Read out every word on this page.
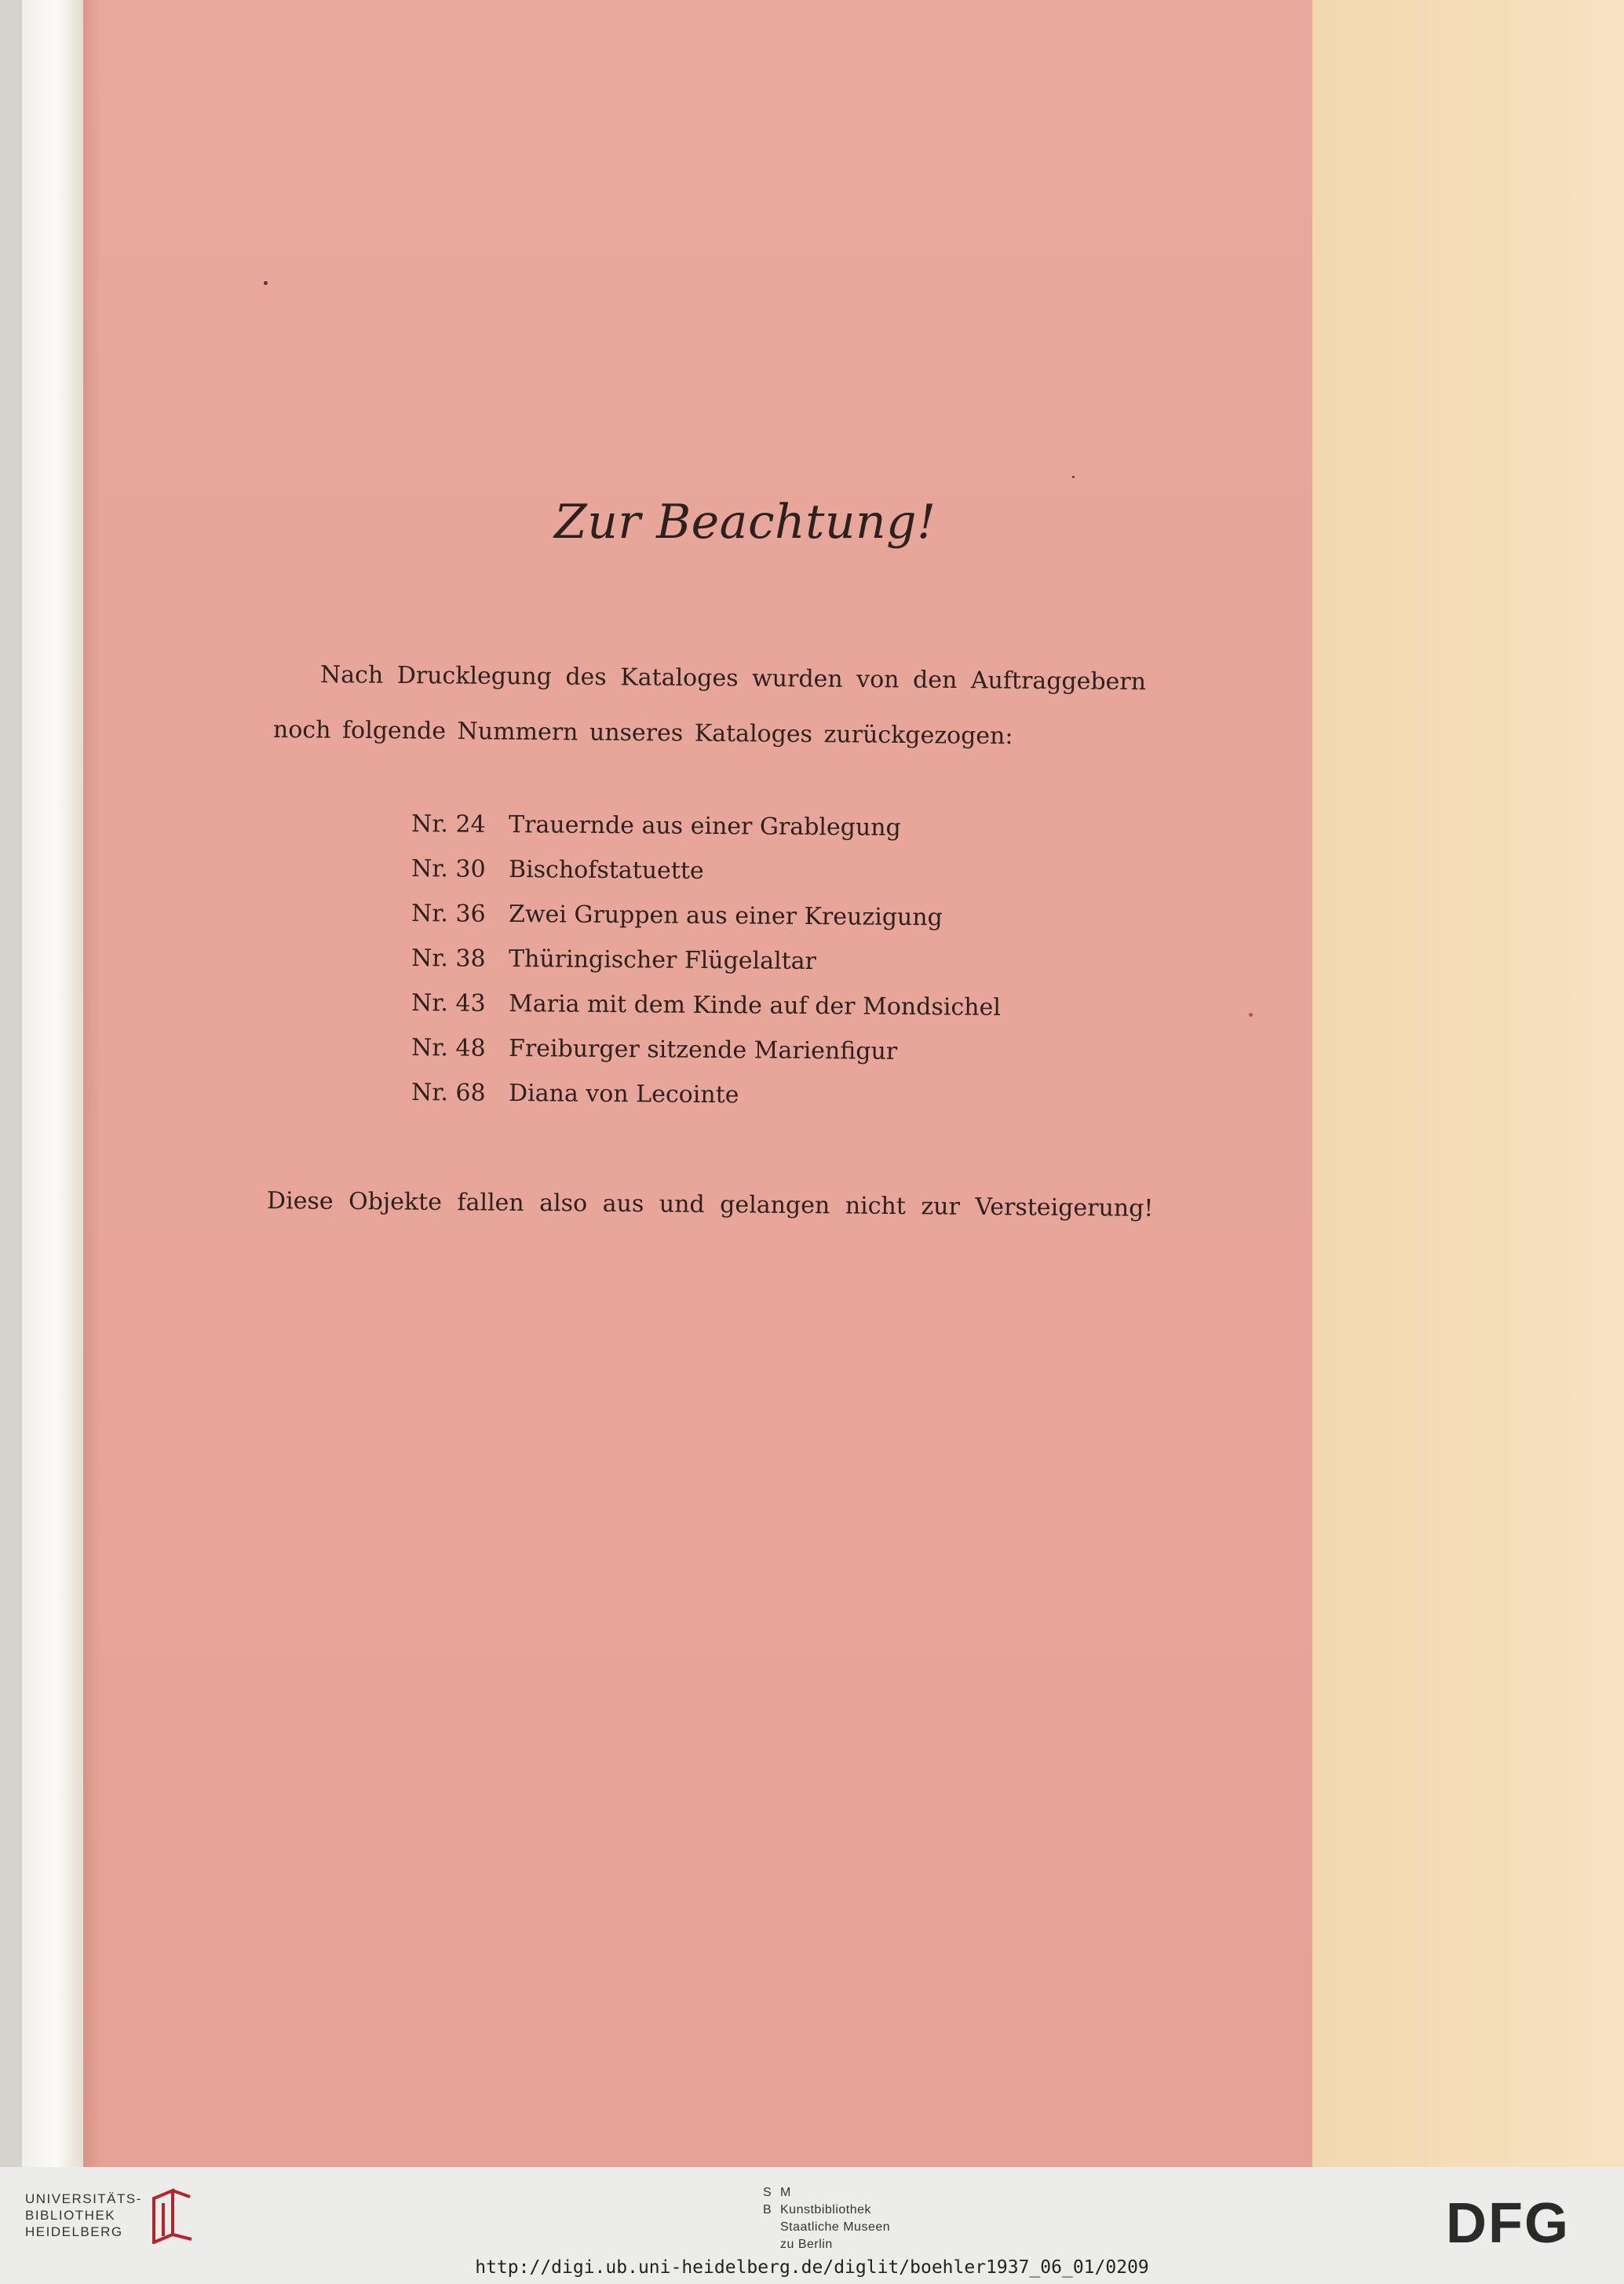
Zur Beachtung!
Nach Drucklegung des Kataloges wurden von den Auftraggebern
noch folgende Nummern unseres Kataloges zurückgezogen:
Nr. 24 Trauernde aus einer Grablegung
Nr. 30 Bischofstatuette
Nr. 36 Zwei Gruppen aus einer Kreuzigung
Nr. 38 Thüringischer Flügelaltar
Nr. 43 Maria mit dem Kinde auf der Mondsichel
Nr. 48 Freiburger sitzende Marienfigur
Nr. 68 Diana von Lecointe
Diese Objekte fallen also aus und gelangen nicht zur Versteigerung!
UNIVERSITÄTS-
BIBLIOTHEK
HEIDELBERG
S M
B Kunstbibliothek
Staatliche Museen
zu Berlin	DFG
http://digi.ub.uni-heidelberg.de/diglit/boehler1937_06_01/0209
